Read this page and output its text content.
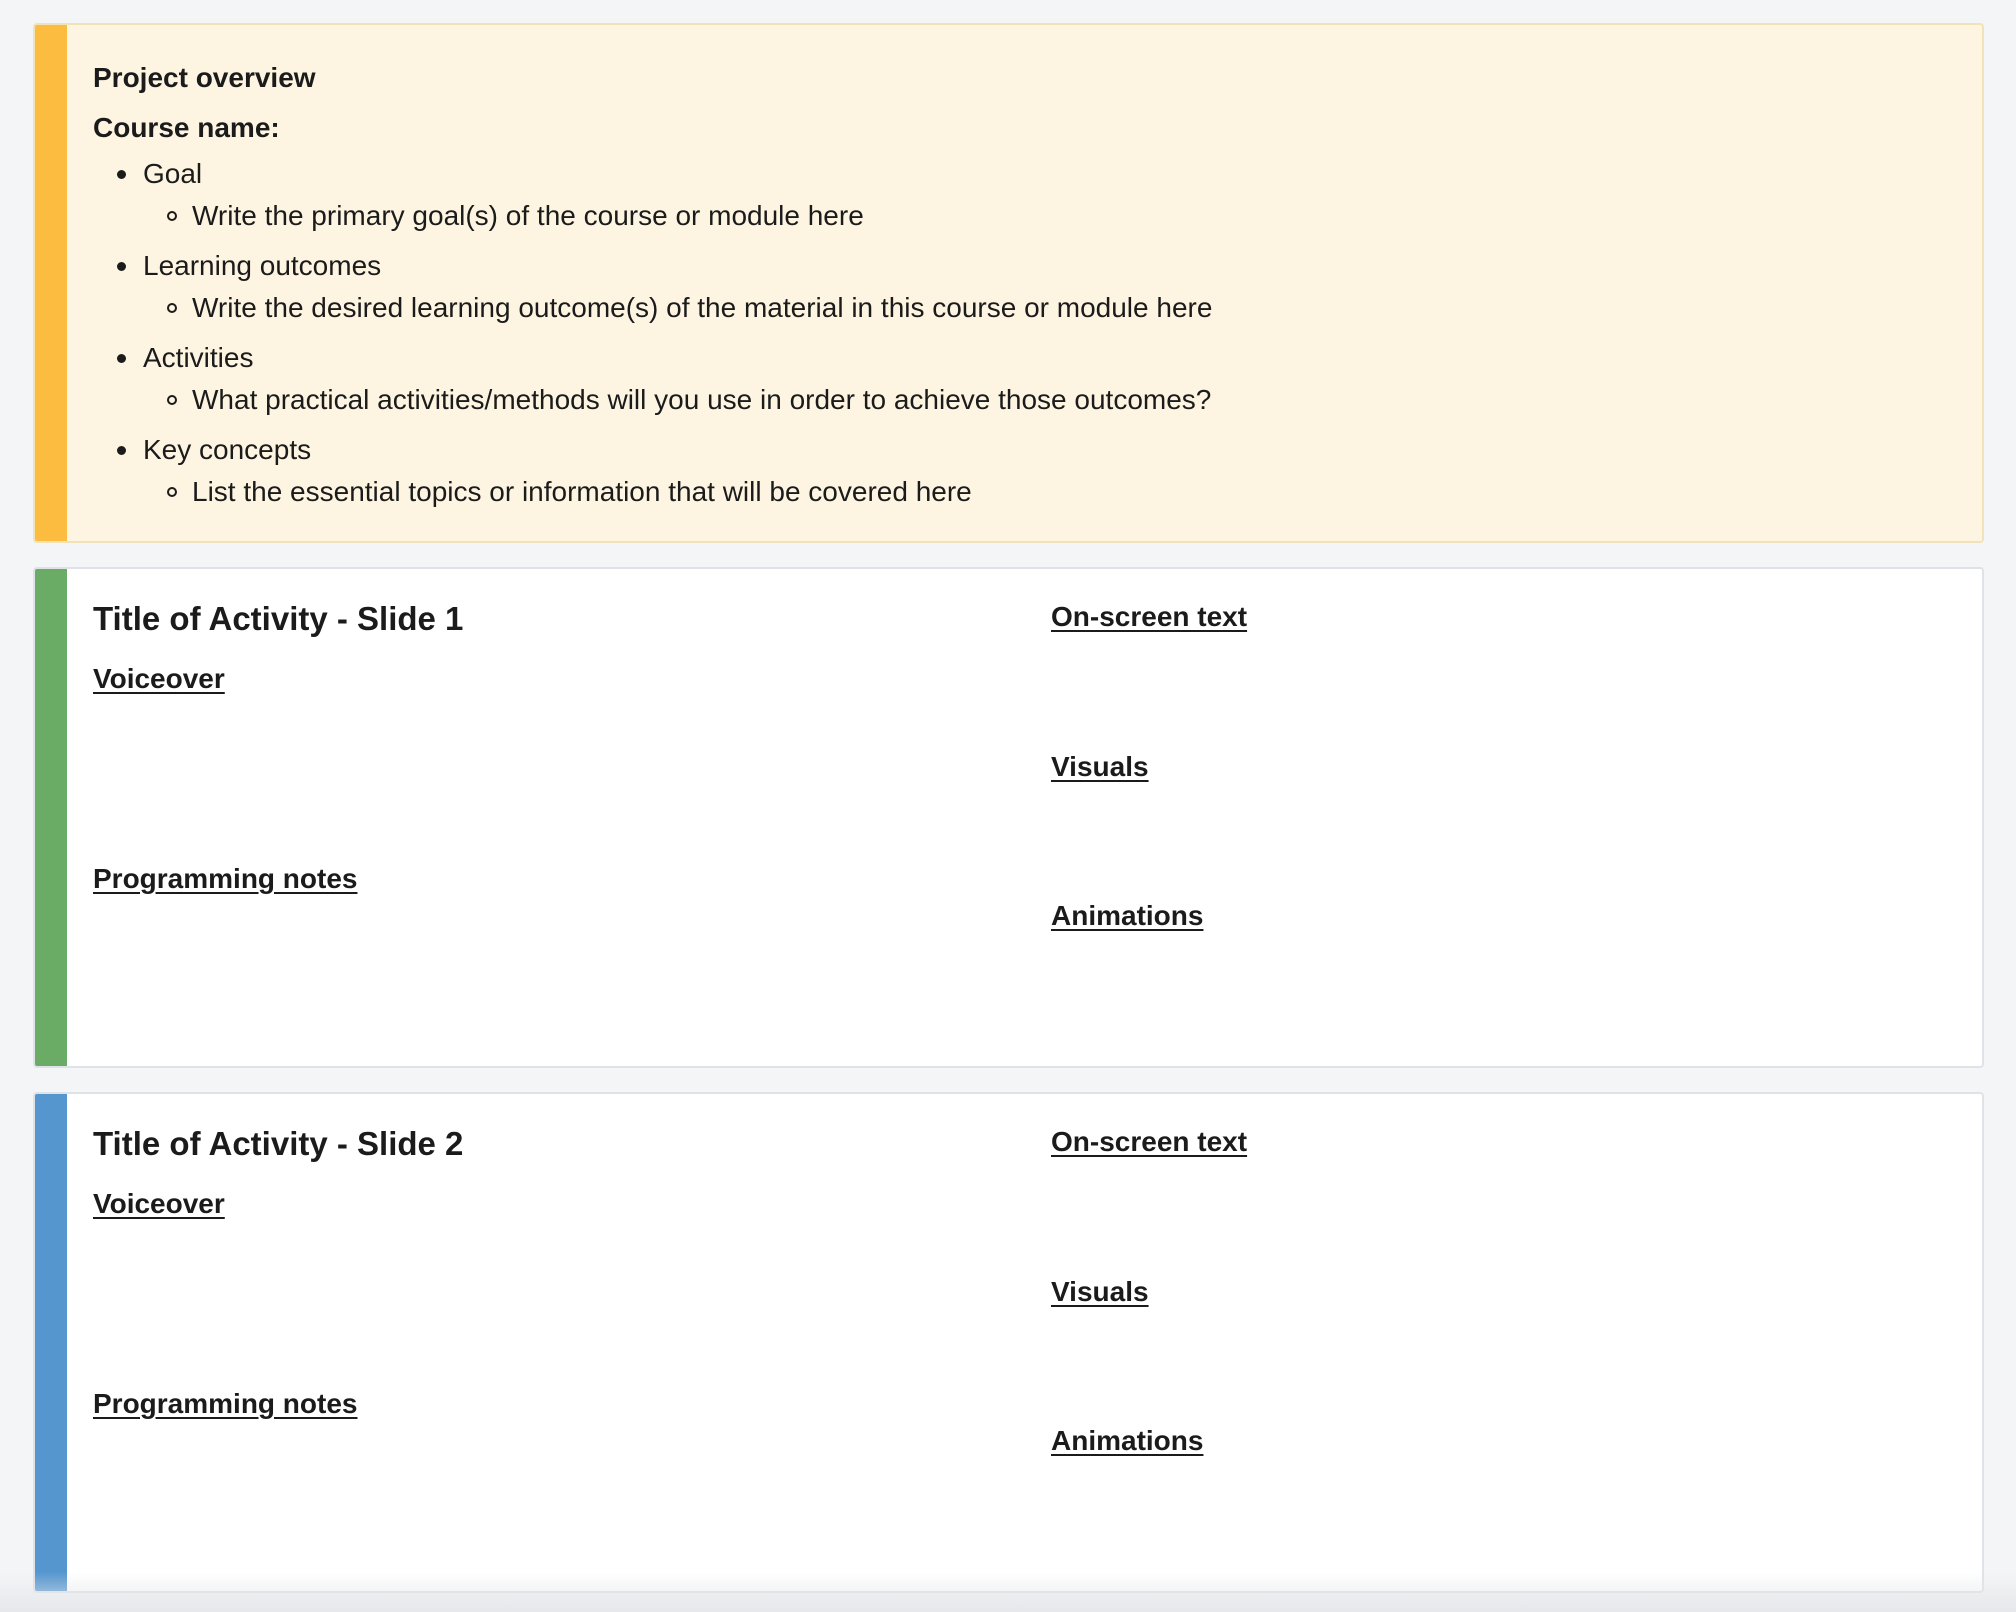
Project overview
Course name:
Goal
Write the primary goal(s) of the course or module here
Learning outcomes
Write the desired learning outcome(s) of the material in this course or module here
Activities
What practical activities/methods will you use in order to achieve those outcomes?
Key concepts
List the essential topics or information that will be covered here
Title of Activity - Slide 1
Voiceover
Programming notes
On-screen text
Visuals
Animations
Title of Activity - Slide 2
Voiceover
Programming notes
On-screen text
Visuals
Animations
